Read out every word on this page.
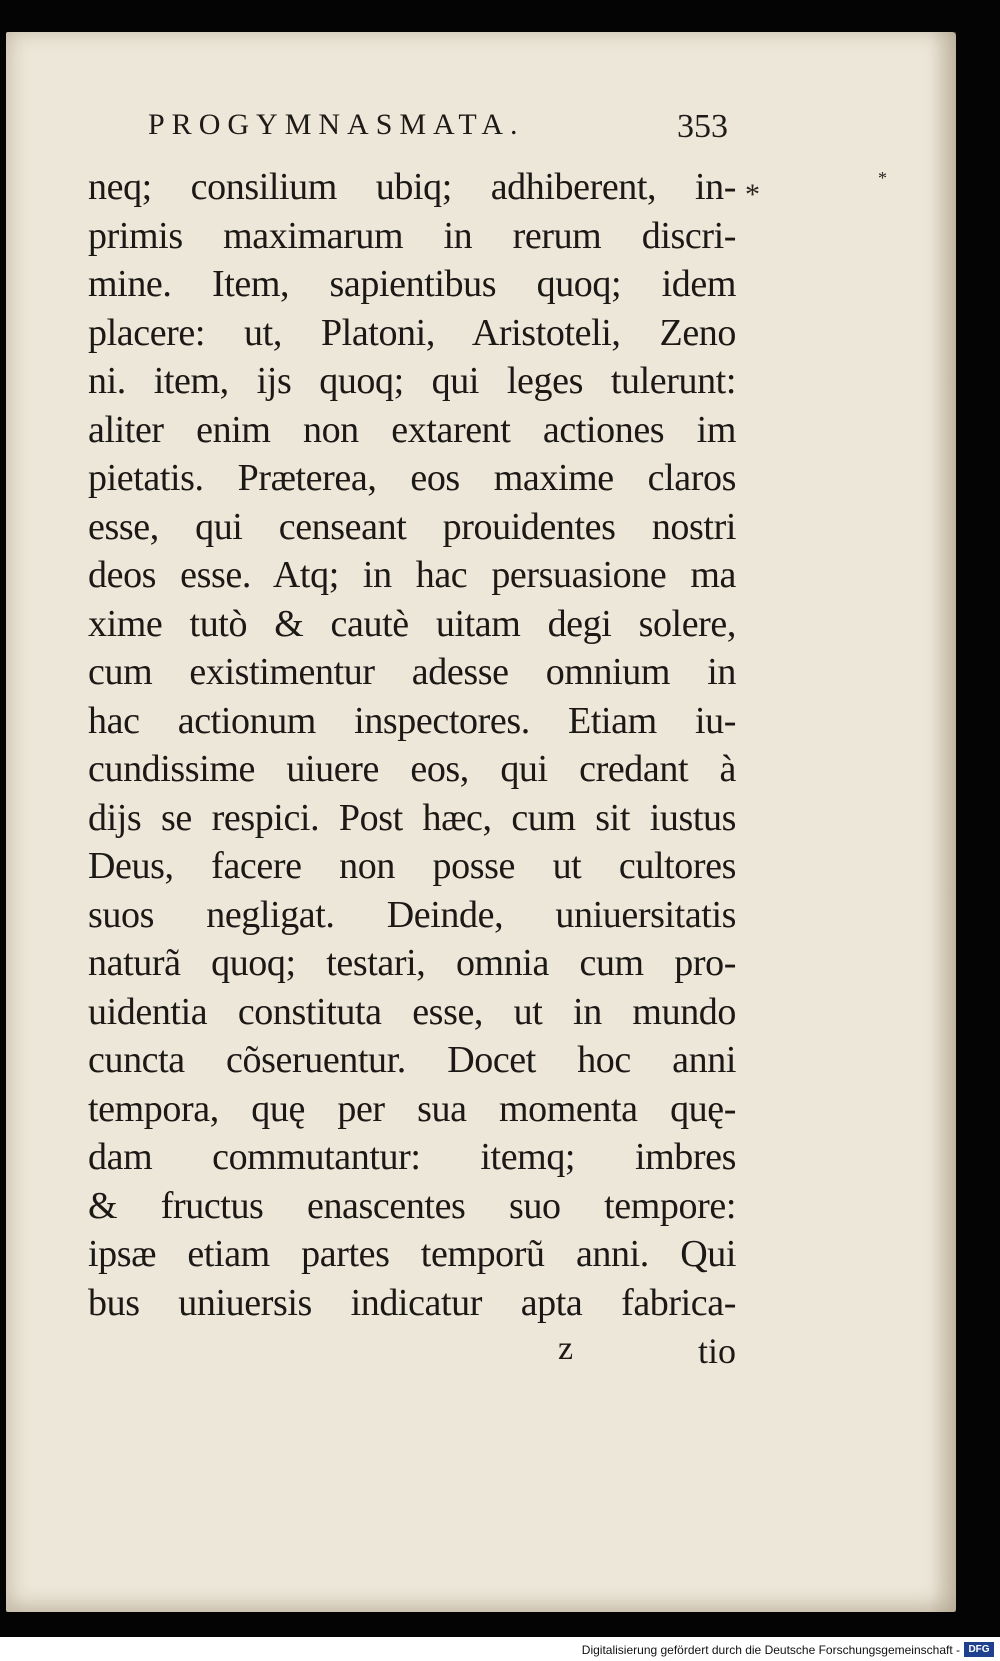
PROGYMNASMATA.	353
*	*
neq; consilium ubiq; adhiberent, in-
primis maximarum in rerum discri-
mine. Item, sapientibus quoq; idem
placere: ut, Platoni, Aristoteli, Zeno
ni. item, ijs quoq; qui leges tulerunt:
aliter enim non extarent actiones im
pietatis. Præterea, eos maxime claros
esse, qui censeant prouidentes nostri
deos esse. Atq; in hac persuasione ma
xime tutò & cautè uitam degi solere,
cum existimentur adesse omnium in
hac actionum inspectores. Etiam iu-
cundissime uiuere eos, qui credant à
dijs se respici. Post hæc, cum sit iustus
Deus, facere non posse ut cultores
suos negligat. Deinde, uniuersitatis
naturã quoq; testari, omnia cum pro-
uidentia constituta esse, ut in mundo
cuncta cõseruentur. Docet hoc anni
tempora, quę per sua momenta quę-
dam commutantur: itemq; imbres
& fructus enascentes suo tempore:
ipsæ etiam partes temporũ anni. Qui
bus uniuersis indicatur apta fabrica-
z	tio
Digitalisierung gefördert durch die Deutsche Forschungsgemeinschaft - DFG
